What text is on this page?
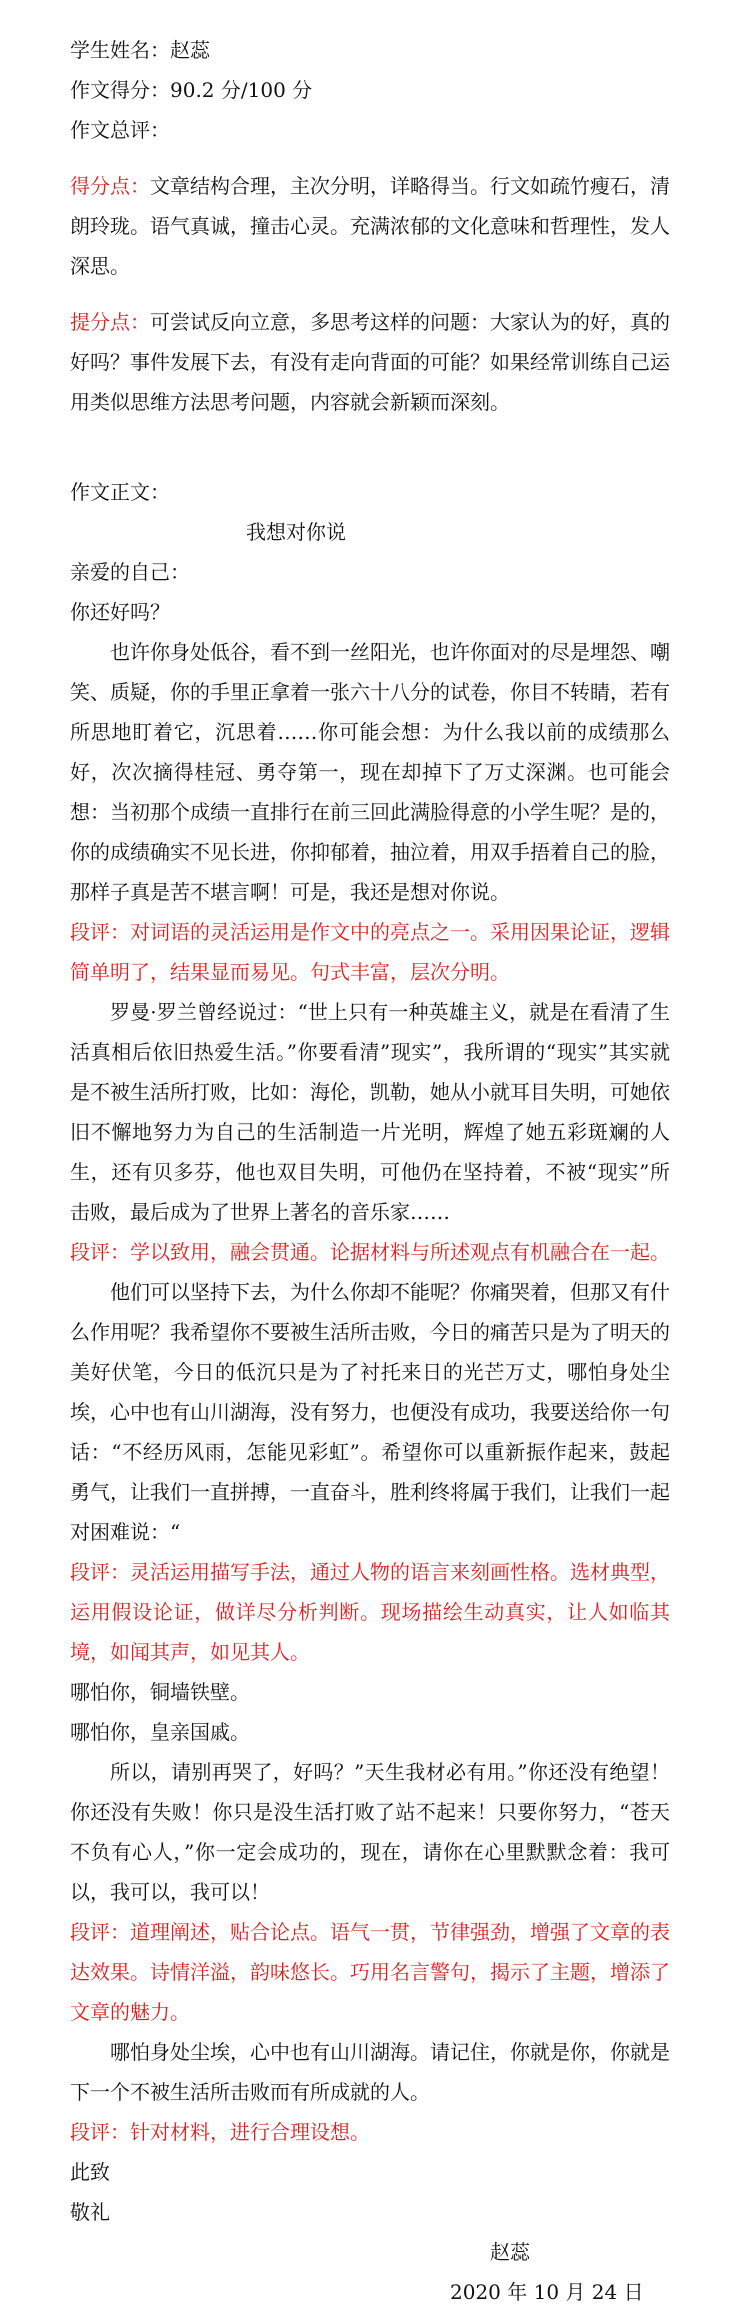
学生姓名：赵蕊

作文得分：90.2 分/100 分

作文总评：

得分点：文章结构合理，主次分明，详略得当。行文如疏竹瘦石，清朗玲珑。语气真诚，撞击心灵。充满浓郁的文化意味和哲理性，发人深思。

提分点：可尝试反向立意，多思考这样的问题：大家认为的好，真的好吗？事件发展下去，有没有走向背面的可能？如果经常训练自己运用类似思维方法思考问题，内容就会新颖而深刻。

作文正文：

我想对你说

亲爱的自己：

你还好吗？

也许你身处低谷，看不到一丝阳光，也许你面对的尽是埋怨、嘲笑、质疑，你的手里正拿着一张六十八分的试卷，你目不转睛，若有所思地盯着它，沉思着……你可能会想：为什么我以前的成绩那么好，次次摘得桂冠、勇夺第一，现在却掉下了万丈深渊。也可能会想：当初那个成绩一直排行在前三回此满脸得意的小学生呢？是的，你的成绩确实不见长进，你抑郁着，抽泣着，用双手捂着自己的脸，那样子真是苦不堪言啊！可是，我还是想对你说。

段评：对词语的灵活运用是作文中的亮点之一。采用因果论证，逻辑简单明了，结果显而易见。句式丰富，层次分明。

罗曼·罗兰曾经说过：“世上只有一种英雄主义，就是在看清了生活真相后依旧热爱生活。”你要看清”现实”，我所谓的“现实”其实就是不被生活所打败，比如：海伦，凯勒，她从小就耳目失明，可她依旧不懈地努力为自己的生活制造一片光明，辉煌了她五彩斑斓的人生，还有贝多芬，他也双目失明，可他仍在坚持着，不被“现实”所击败，最后成为了世界上著名的音乐家……

段评：学以致用，融会贯通。论据材料与所述观点有机融合在一起。

他们可以坚持下去，为什么你却不能呢？你痛哭着，但那又有什么作用呢？我希望你不要被生活所击败，今日的痛苦只是为了明天的美好伏笔，今日的低沉只是为了衬托来日的光芒万丈，哪怕身处尘埃，心中也有山川湖海，没有努力，也便没有成功，我要送给你一句话：“不经历风雨，怎能见彩虹”。希望你可以重新振作起来，鼓起勇气，让我们一直拼搏，一直奋斗，胜利终将属于我们，让我们一起对困难说：“

段评：灵活运用描写手法，通过人物的语言来刻画性格。选材典型，运用假设论证，做详尽分析判断。现场描绘生动真实，让人如临其境，如闻其声，如见其人。

哪怕你，铜墙铁壁。

哪怕你，皇亲国戚。

所以，请别再哭了，好吗？”天生我材必有用。”你还没有绝望！你还没有失败！你只是没生活打败了站不起来！只要你努力，“苍天不负有心人，”你一定会成功的，现在，请你在心里默默念着：我可以，我可以，我可以！

段评：道理阐述，贴合论点。语气一贯，节律强劲，增强了文章的表达效果。诗情洋溢，韵味悠长。巧用名言警句，揭示了主题，增添了文章的魅力。

哪怕身处尘埃，心中也有山川湖海。请记住，你就是你，你就是下一个不被生活所击败而有所成就的人。

段评：针对材料，进行合理设想。

此致

敬礼

赵蕊

2020 年 10 月 24 日
